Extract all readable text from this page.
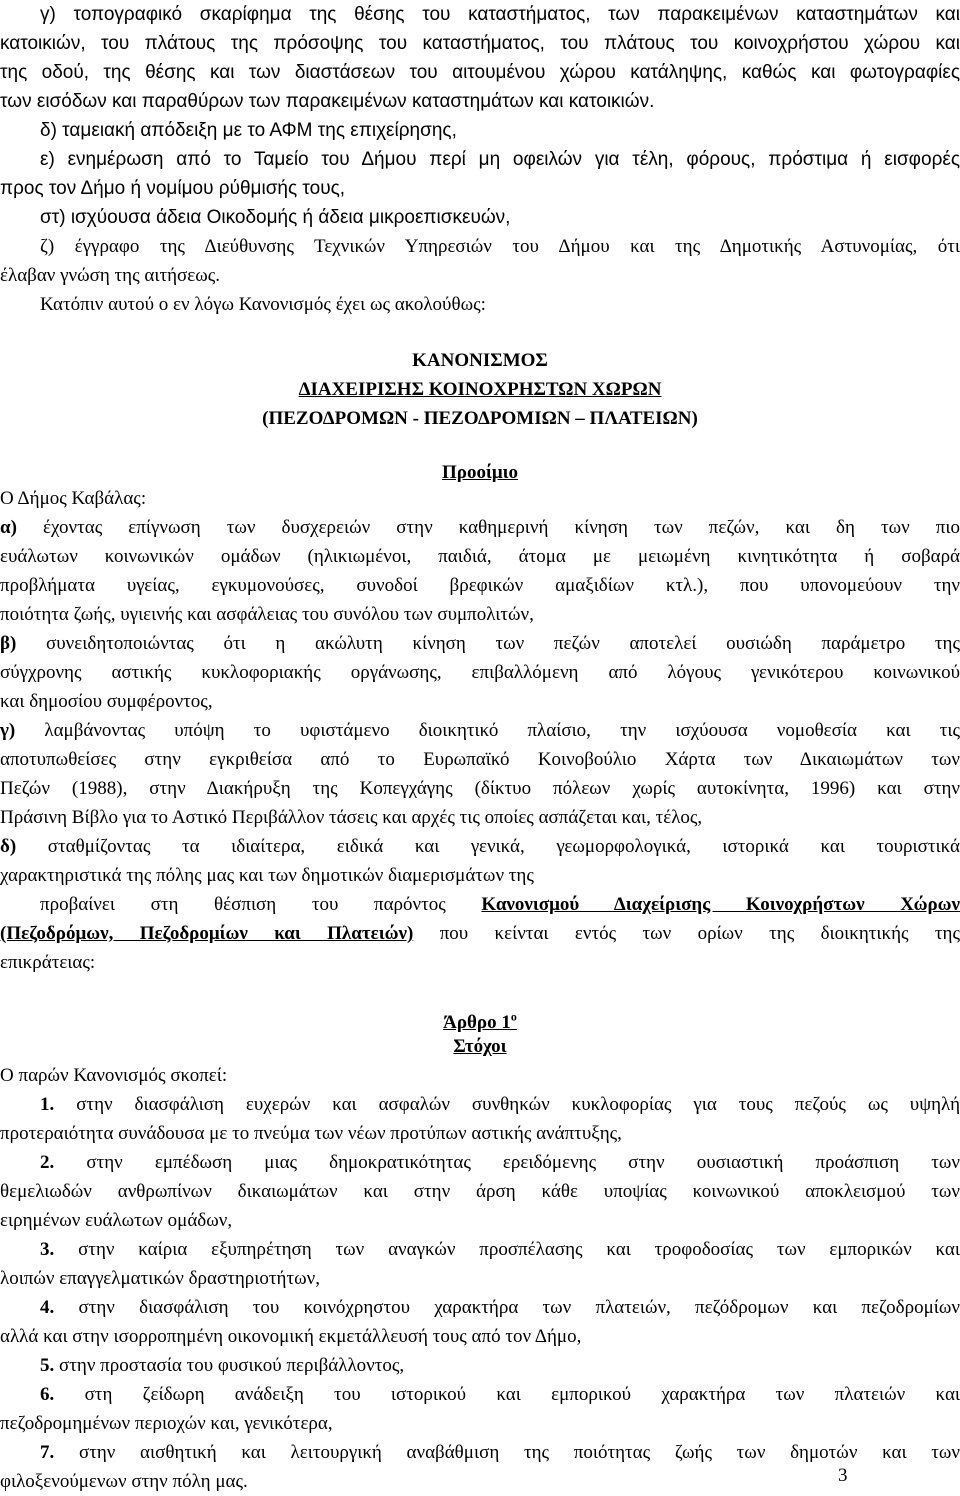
γ) τοπογραφικό σκαρίφημα της θέσης του καταστήματος, των παρακειμένων καταστημάτων και

κατοικιών, του πλάτους της πρόσοψης του καταστήματος, του πλάτους του κοινοχρήστου χώρου και

της οδού, της θέσης και των διαστάσεων του αιτουμένου χώρου κατάληψης, καθώς και φωτογραφίες

των εισόδων και παραθύρων των παρακειμένων καταστημάτων και κατοικιών.

δ) ταμειακή απόδειξη με το ΑΦΜ της επιχείρησης,

ε) ενημέρωση από το Ταμείο του Δήμου περί μη οφειλών για τέλη, φόρους, πρόστιμα ή εισφορές

προς τον Δήμο ή νομίμου ρύθμισής τους,

στ) ισχύουσα άδεια Οικοδομής ή άδεια μικροεπισκευών,

ζ) έγγραφο της Διεύθυνσης Τεχνικών Υπηρεσιών του Δήμου και της Δημοτικής Αστυνομίας, ότι

έλαβαν γνώση της αιτήσεως.

Κατόπιν αυτού ο εν λόγω Κανονισμός έχει ως ακολούθως:

ΚΑΝΟΝΙΣΜΟΣ

ΔΙΑΧΕΙΡΙΣΗΣ ΚΟΙΝΟΧΡΗΣΤΩΝ ΧΩΡΩΝ

(ΠΕΖΟΔΡΟΜΩΝ - ΠΕΖΟΔΡΟΜΙΩΝ – ΠΛΑΤΕΙΩΝ)

Προοίμιο

Ο Δήμος Καβάλας:

α) έχοντας επίγνωση των δυσχερειών στην καθημερινή κίνηση των πεζών, και δη των πιο

ευάλωτων κοινωνικών ομάδων (ηλικιωμένοι, παιδιά, άτομα με μειωμένη κινητικότητα ή σοβαρά

προβλήματα υγείας, εγκυμονούσες, συνοδοί βρεφικών αμαξιδίων κτλ.), που υπονομεύουν την

ποιότητα ζωής, υγιεινής και ασφάλειας του συνόλου των συμπολιτών,

β) συνειδητοποιώντας ότι η ακώλυτη κίνηση των πεζών αποτελεί ουσιώδη παράμετρο της

σύγχρονης αστικής κυκλοφοριακής οργάνωσης, επιβαλλόμενη από λόγους γενικότερου κοινωνικού

και δημοσίου συμφέροντος,

γ) λαμβάνοντας υπόψη το υφιστάμενο διοικητικό πλαίσιο, την ισχύουσα νομοθεσία και τις

αποτυπωθείσες στην εγκριθείσα από το Ευρωπαϊκό Κοινοβούλιο Χάρτα των Δικαιωμάτων των

Πεζών (1988), στην Διακήρυξη της Κοπεγχάγης (δίκτυο πόλεων χωρίς αυτοκίνητα, 1996) και στην

Πράσινη Βίβλο για το Αστικό Περιβάλλον τάσεις και αρχές τις οποίες ασπάζεται και, τέλος,

δ) σταθμίζοντας τα ιδιαίτερα, ειδικά και γενικά, γεωμορφολογικά, ιστορικά και τουριστικά

χαρακτηριστικά της πόλης μας και των δημοτικών διαμερισμάτων της

προβαίνει στη θέσπιση του παρόντος Κανονισμού Διαχείρισης Κοινοχρήστων Χώρων

(Πεζοδρόμων, Πεζοδρομίων και Πλατειών) που κείνται εντός των ορίων της διοικητικής της

επικράτειας:

Άρθρο $1^o$

Στόχοι

Ο παρών Κανονισμός σκοπεί:

1. στην διασφάλιση ευχερών και ασφαλών συνθηκών κυκλοφορίας για τους πεζούς ως υψηλή

προτεραιότητα συνάδουσα με το πνεύμα των νέων προτύπων αστικής ανάπτυξης,

2. στην εμπέδωση μιας δημοκρατικότητας ερειδόμενης στην ουσιαστική προάσπιση των

θεμελιωδών ανθρωπίνων δικαιωμάτων και στην άρση κάθε υποψίας κοινωνικού αποκλεισμού των

ειρημένων ευάλωτων ομάδων,

3. στην καίρια εξυπηρέτηση των αναγκών προσπέλασης και τροφοδοσίας των εμπορικών και

λοιπών επαγγελματικών δραστηριοτήτων,

4. στην διασφάλιση του κοινόχρηστου χαρακτήρα των πλατειών, πεζόδρομων και πεζοδρομίων

αλλά και στην ισορροπημένη οικονομική εκμετάλλευσή τους από τον Δήμο,

5. στην προστασία του φυσικού περιβάλλοντος,

6. στη ζείδωρη ανάδειξη του ιστορικού και εμπορικού χαρακτήρα των πλατειών και

πεζοδρομημένων περιοχών και, γενικότερα,

7. στην αισθητική και λειτουργική αναβάθμιση της ποιότητας ζωής των δημοτών και των

φιλοξενούμενων στην πόλη μας.	3
